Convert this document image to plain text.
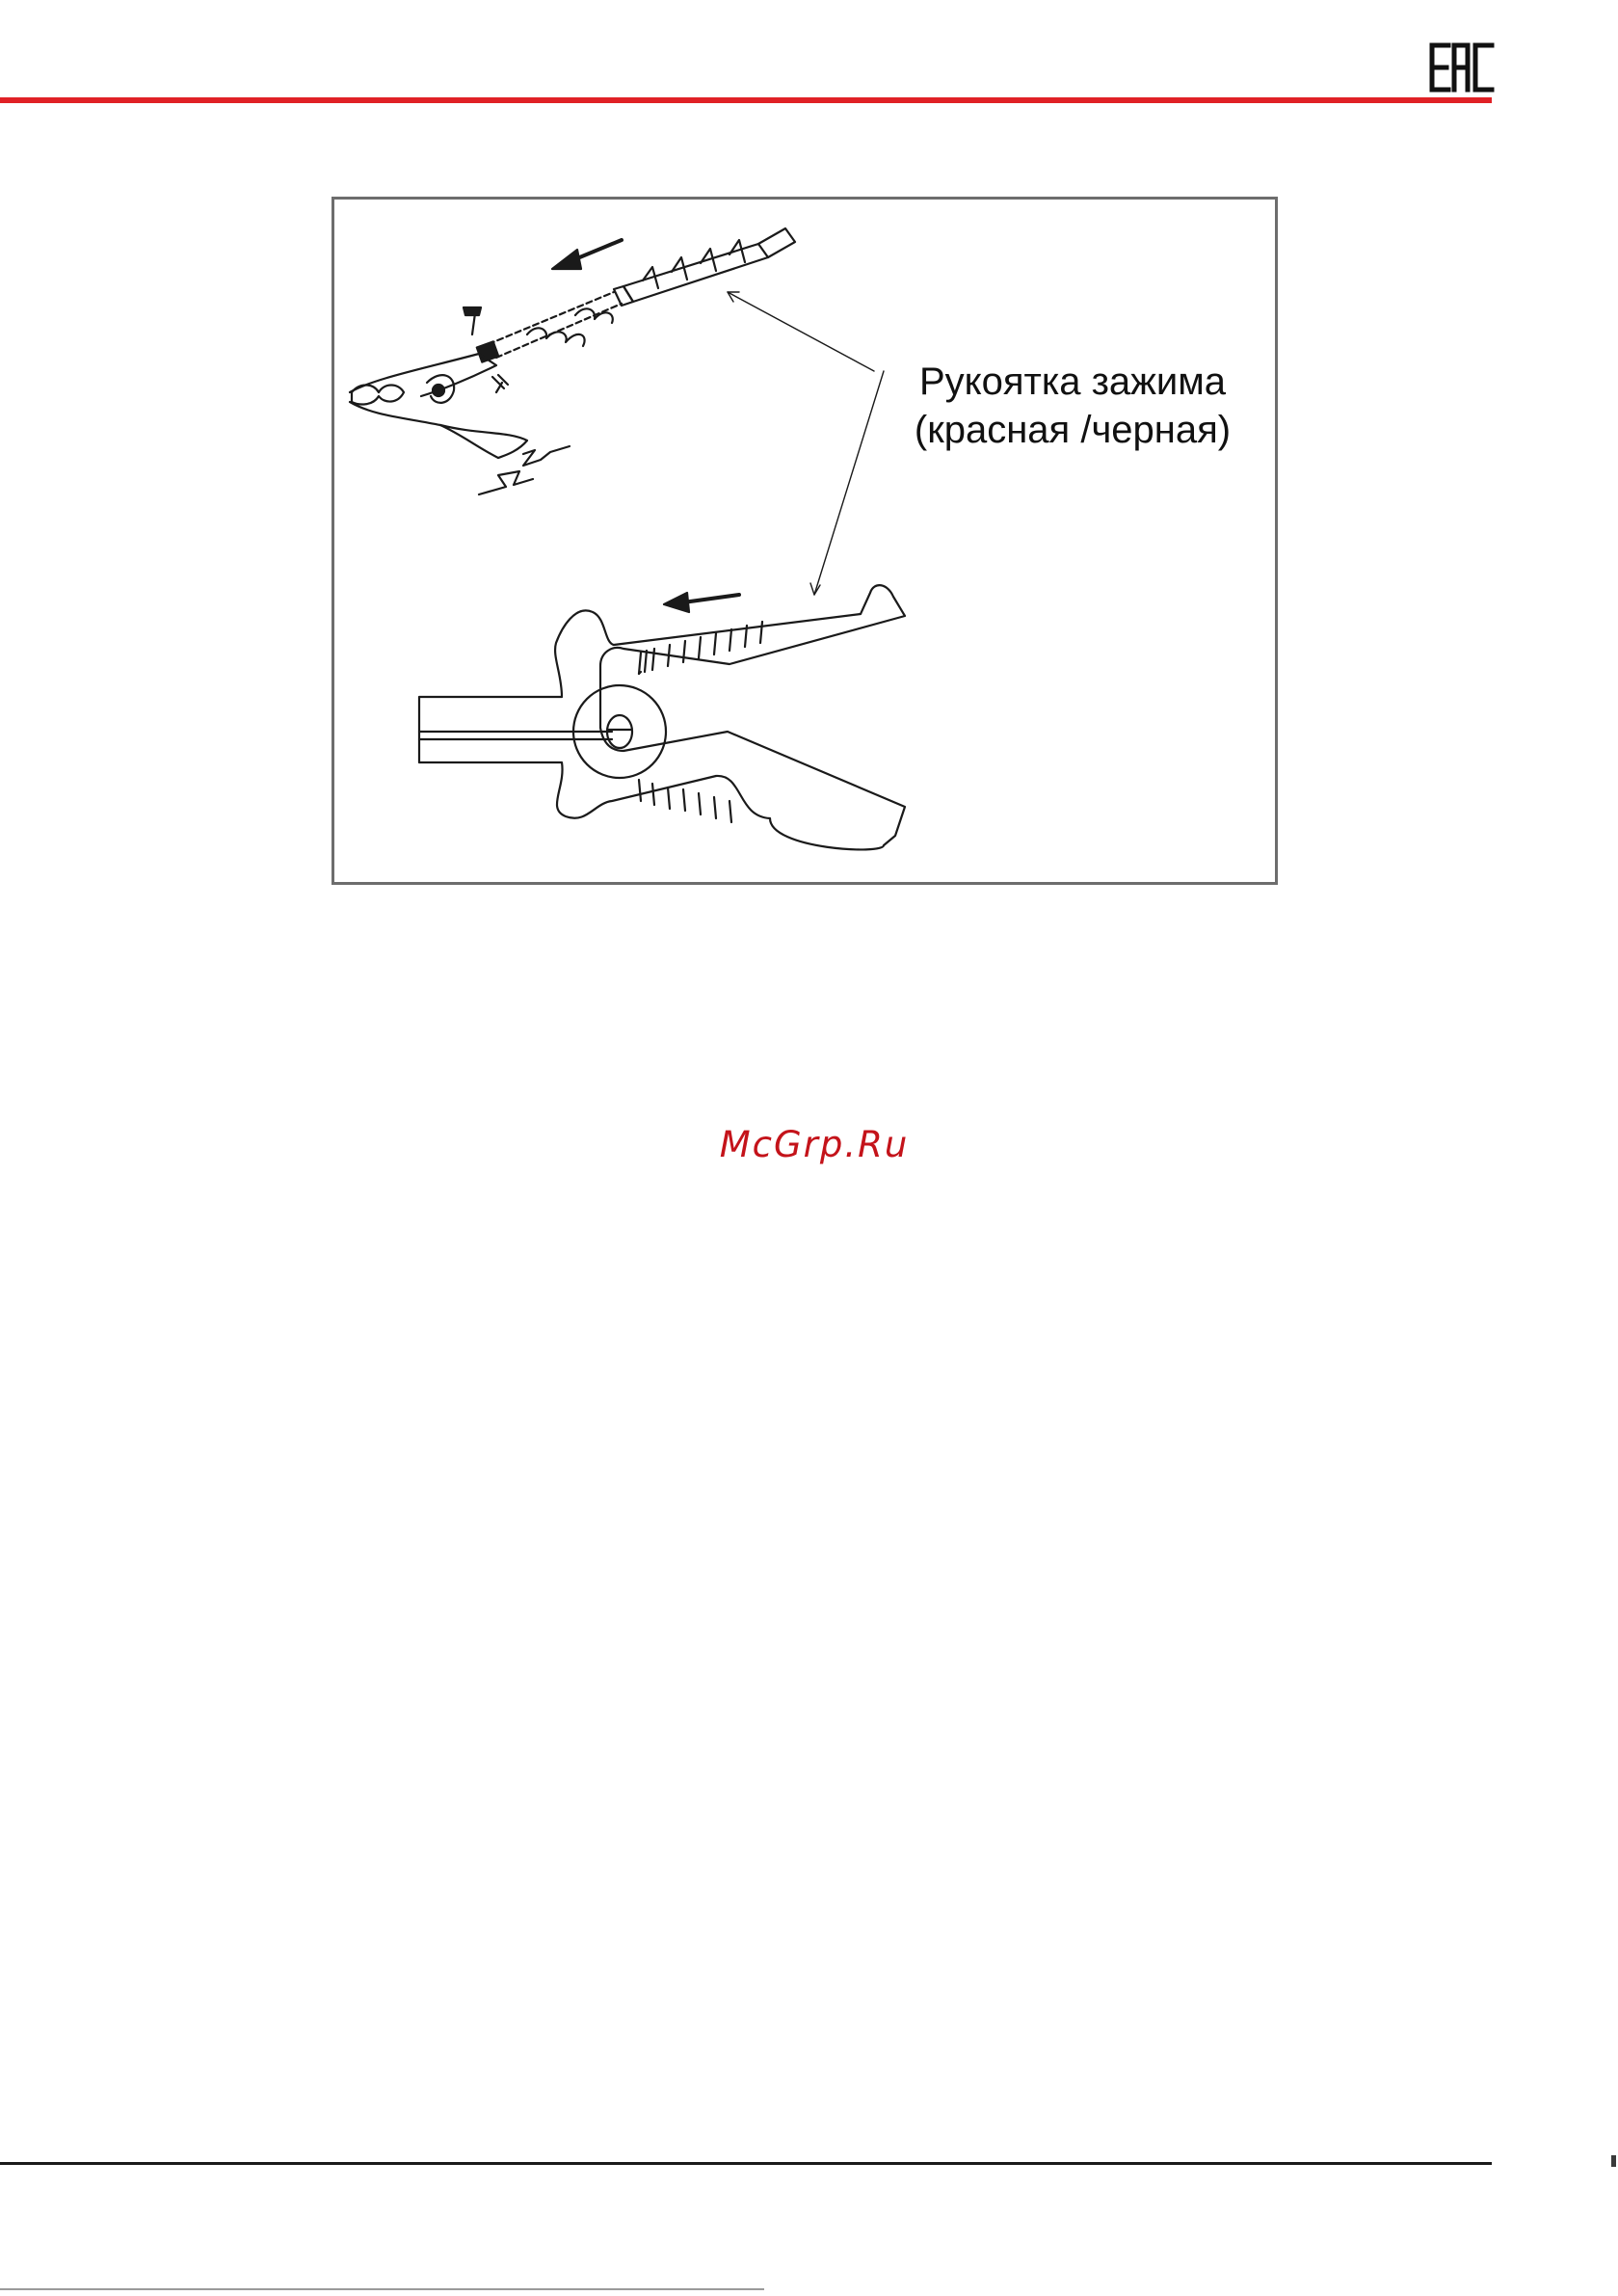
Рукоятка зажима
(красная /черная)
McGrp.Ru
